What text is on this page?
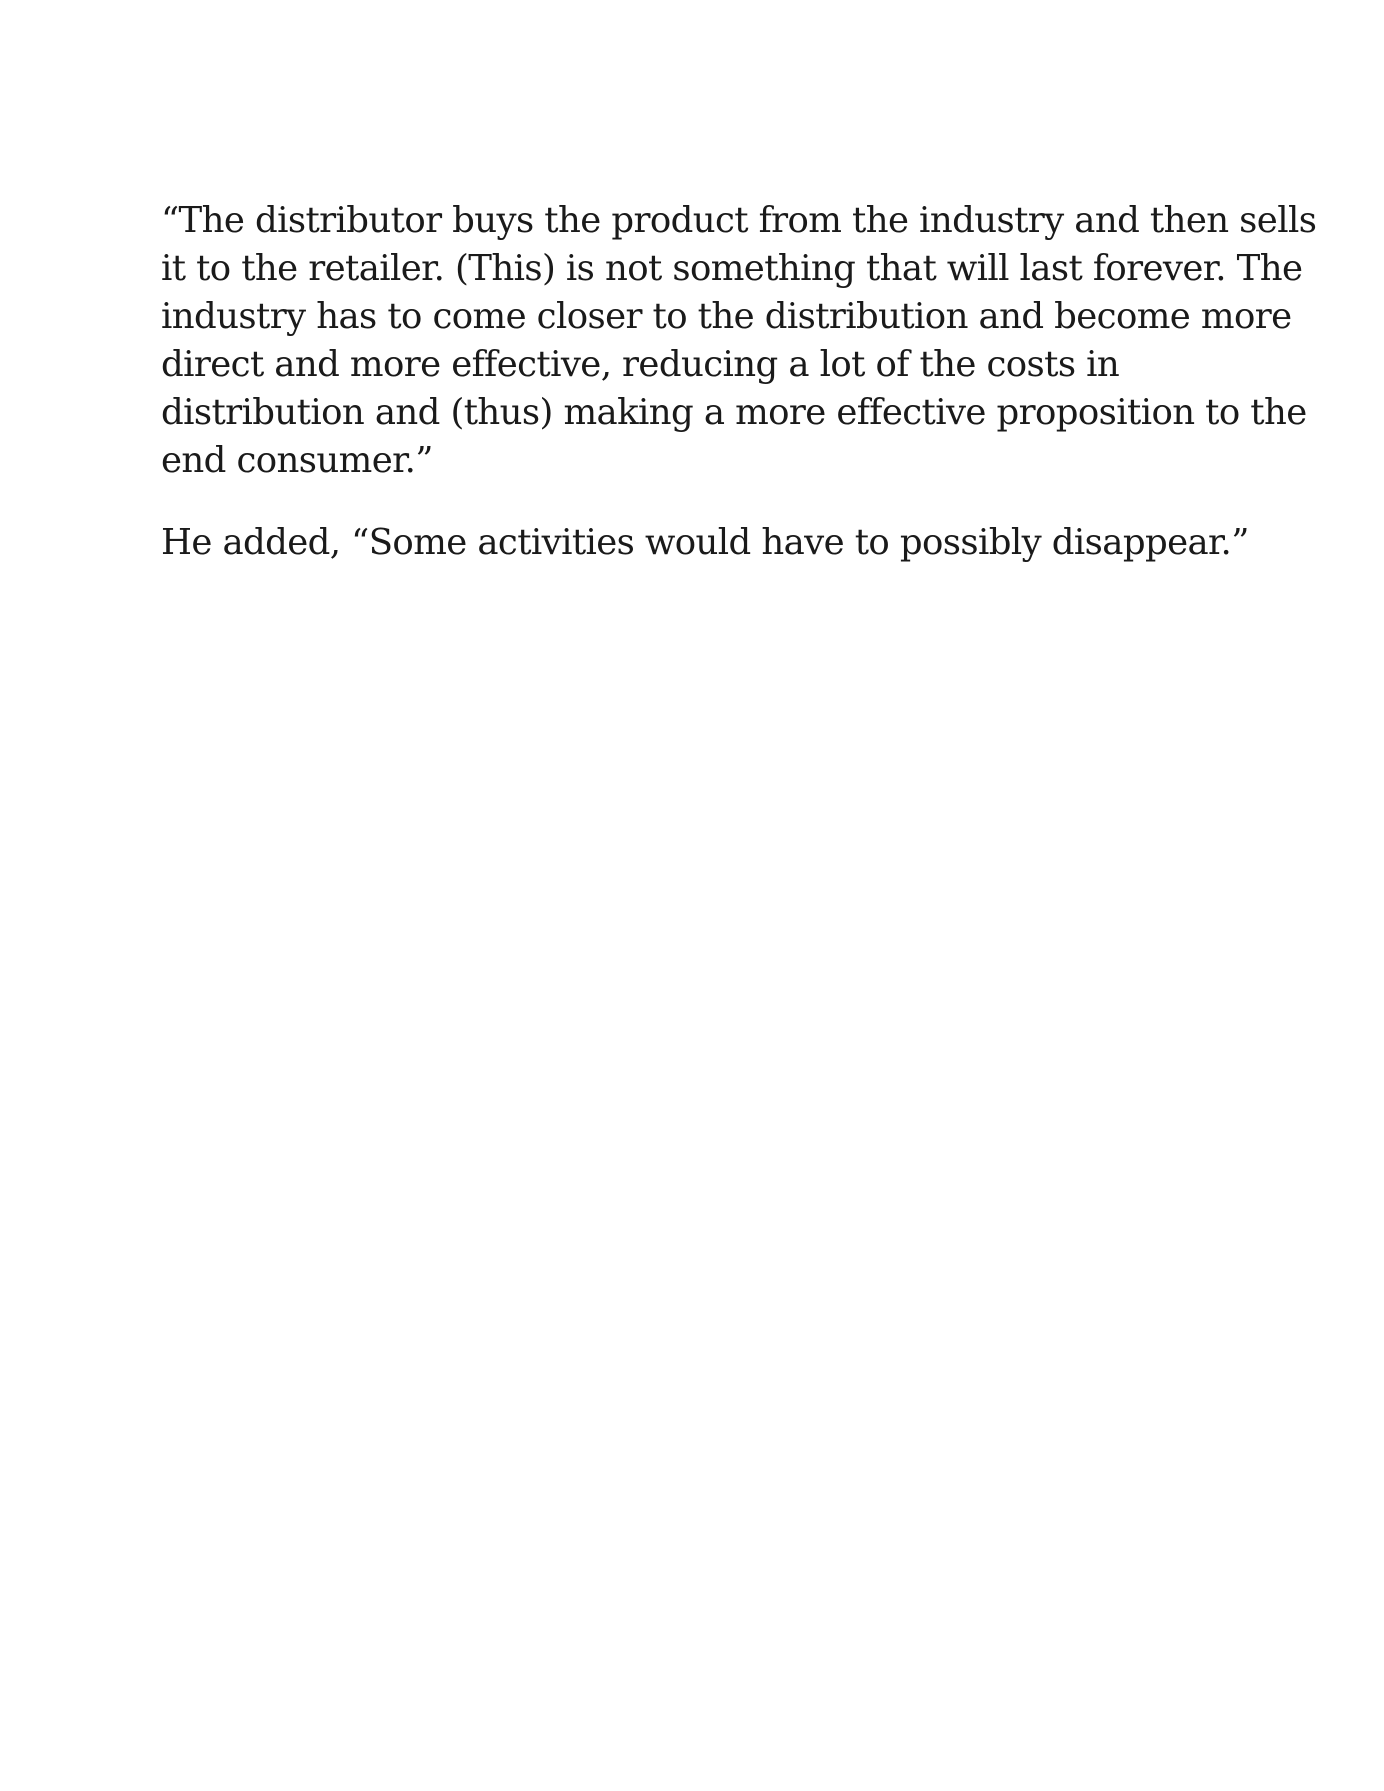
“The distributor buys the product from the industry and then sells
it to the retailer. (This) is not something that will last forever. The
industry has to come closer to the distribution and become more
direct and more effective, reducing a lot of the costs in
distribution and (thus) making a more effective proposition to the
end consumer.”

He added, “Some activities would have to possibly disappear.”
